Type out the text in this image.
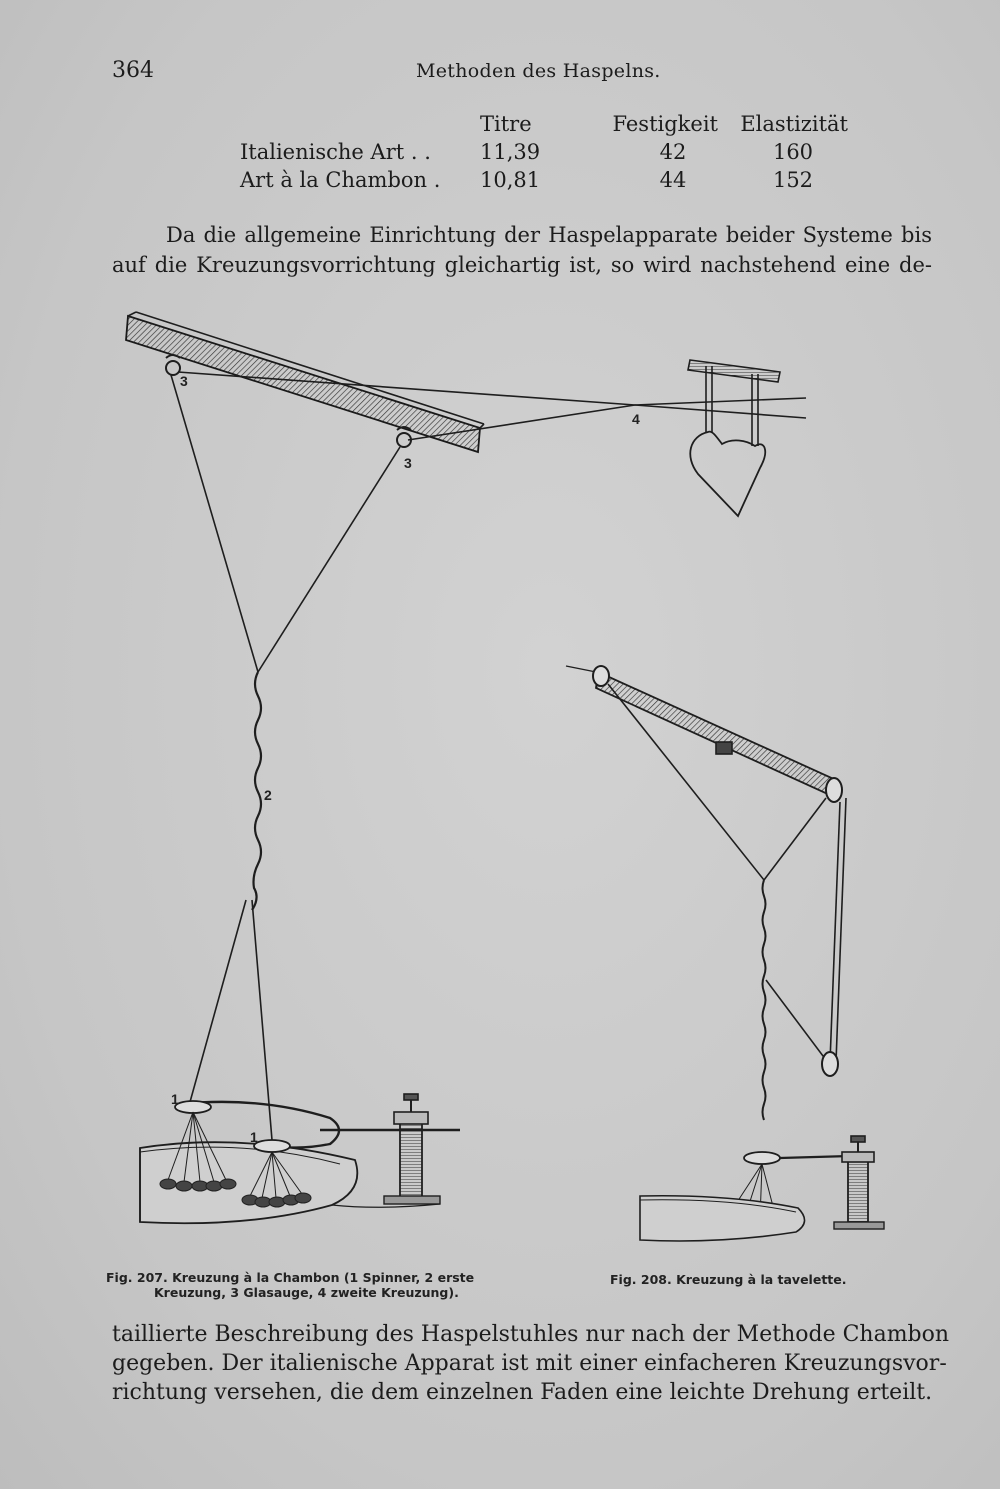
364	Methoden des Haspelns.
	Titre	Festigkeit	Elastizität
Italienische Art . .	11,39	42	160
Art à la Chambon .	10,81	44	152
Da die allgemeine Einrichtung der Haspelapparate beider Systeme bis
auf die Kreuzungsvorrichtung gleichartig ist, so wird nachstehend eine de-
3
3
4
2
1
1
Fig. 207. Kreuzung à la Chambon (1 Spinner, 2 erste
Kreuzung, 3 Glasauge, 4 zweite Kreuzung).
Fig. 208. Kreuzung à la tavelette.
taillierte Beschreibung des Haspelstuhles nur nach der Methode Chambon
gegeben. Der italienische Apparat ist mit einer einfacheren Kreuzungsvor-
richtung versehen, die dem einzelnen Faden eine leichte Drehung erteilt.
